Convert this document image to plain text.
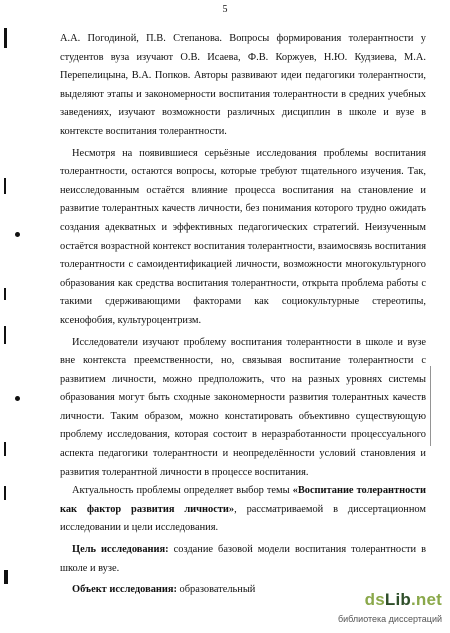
5

А.А. Погодиной, П.В. Степанова. Вопросы формирования толерантности у студентов вуза изучают О.В. Исаева, Ф.В. Коржуев, Н.Ю. Кудзиева, М.А. Перепелицына, В.А. Попков. Авторы развивают идеи педагогики толерантности, выделяют этапы и закономерности воспитания толерантности в средних учебных заведениях, изучают возможности различных дисциплин в школе и вузе в контексте воспитания толерантности.

Несмотря на появившиеся серьёзные исследования проблемы воспитания толерантности, остаются вопросы, которые требуют тщательного изучения. Так, неисследованным остаётся влияние процесса воспитания на становление и развитие толерантных качеств личности, без понимания которого трудно ожидать создания адекватных и эффективных педагогических стратегий. Неизученным остаётся возрастной контекст воспитания толерантности, взаимосвязь воспитания толерантности с самоидентификацией личности, возможности многокультурного образования как средства воспитания толерантности, открыта проблема работы с такими сдерживающими факторами как социокультурные стереотипы, ксенофобия, культуроцентризм.

Исследователи изучают проблему воспитания толерантности в школе и вузе вне контекста преемственности, но, связывая воспитание толерантности с развитием личности, можно предположить, что на разных уровнях системы образования могут быть сходные закономерности развития толерантных качеств личности. Таким образом, можно констатировать объективно существующую проблему исследования, которая состоит в неразработанности процессуального аспекта педагогики толерантности и неопределённости условий становления и развития толерантной личности в процессе воспитания.

Актуальность проблемы определяет выбор темы «Воспитание толерантности как фактор развития личности», рассматриваемой в диссертационном исследовании и цели исследования.

Цель исследования: создание базовой модели воспитания толерантности в школе и вузе.

Объект исследования: образовательный

dsLib.net
библиотека диссертаций
